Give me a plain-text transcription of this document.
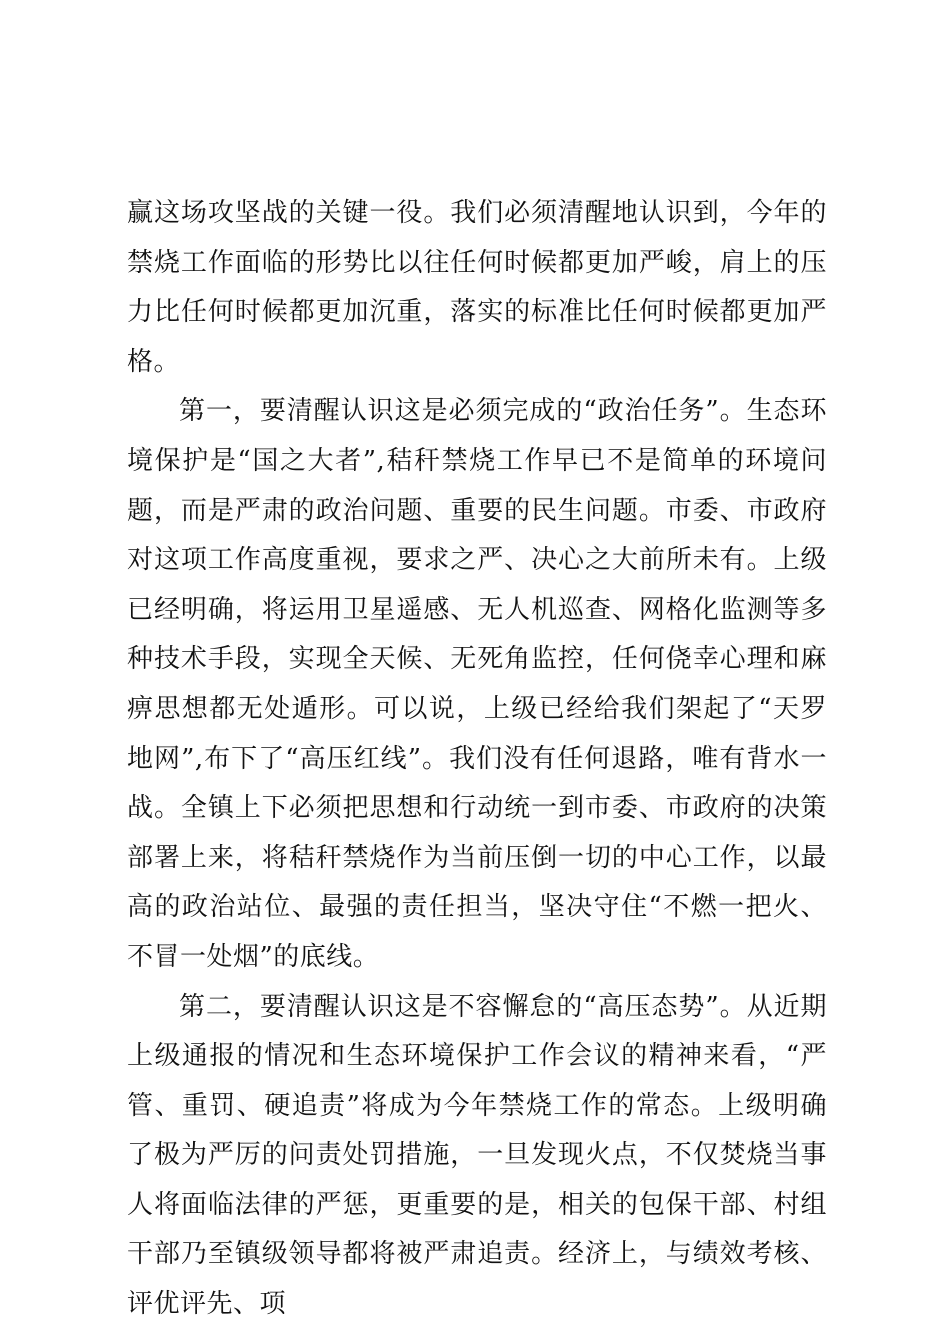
赢这场攻坚战的关键一役。我们必须清醒地认识到，今年的禁烧工作面临的形势比以往任何时候都更加严峻，肩上的压力比任何时候都更加沉重，落实的标准比任何时候都更加严格。

第一，要清醒认识这是必须完成的“政治任务”。生态环境保护是“国之大者”,秸秆禁烧工作早已不是简单的环境问题，而是严肃的政治问题、重要的民生问题。市委、市政府对这项工作高度重视，要求之严、决心之大前所未有。上级已经明确，将运用卫星遥感、无人机巡查、网格化监测等多种技术手段，实现全天候、无死角监控，任何侥幸心理和麻痹思想都无处遁形。可以说，上级已经给我们架起了“天罗地网”,布下了“高压红线”。我们没有任何退路，唯有背水一战。全镇上下必须把思想和行动统一到市委、市政府的决策部署上来，将秸秆禁烧作为当前压倒一切的中心工作，以最高的政治站位、最强的责任担当，坚决守住“不燃一把火、不冒一处烟”的底线。

第二，要清醒认识这是不容懈怠的“高压态势”。从近期上级通报的情况和生态环境保护工作会议的精神来看，“严管、重罚、硬追责”将成为今年禁烧工作的常态。上级明确了极为严厉的问责处罚措施，一旦发现火点，不仅焚烧当事人将面临法律的严惩，更重要的是，相关的包保干部、村组干部乃至镇级领导都将被严肃追责。经济上，与绩效考核、评优评先、项
